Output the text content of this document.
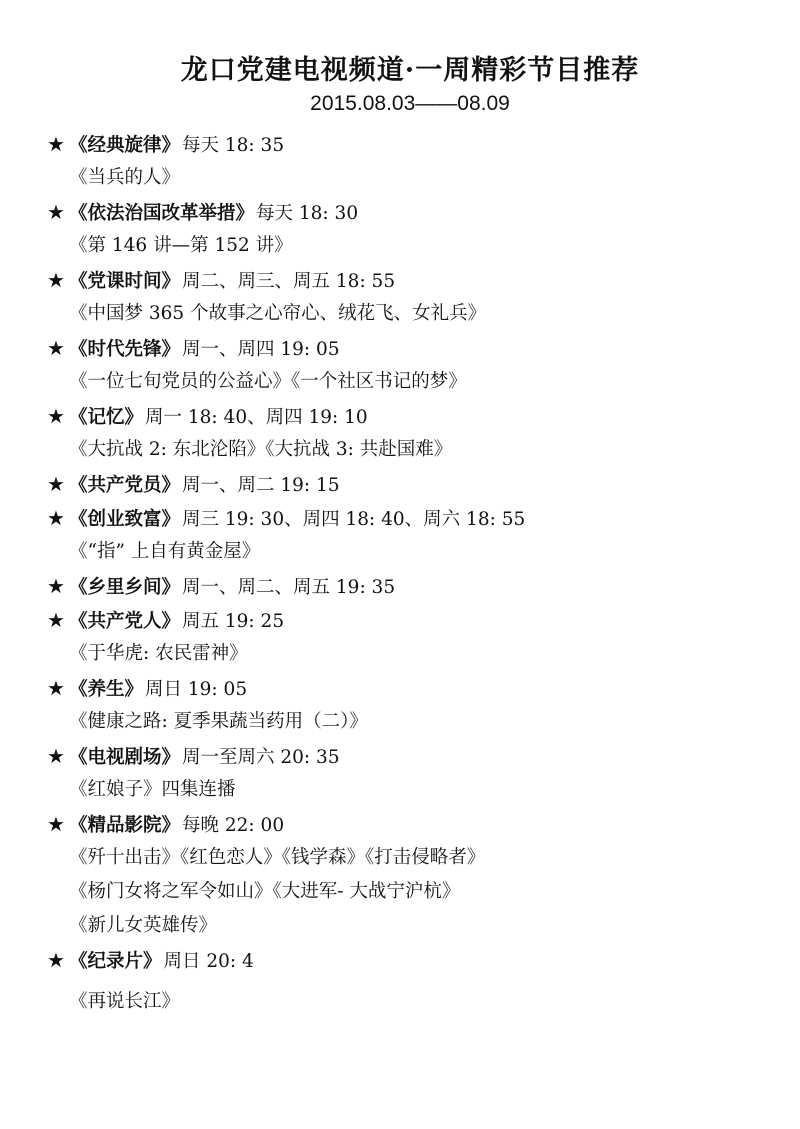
龙口党建电视频道·一周精彩节目推荐
2015.08.03——08.09
★ 《经典旋律》 每天 18: 35
《当兵的人》
★ 《依法治国改革举措》 每天 18: 30
《第 146 讲—第 152 讲》
★ 《党课时间》 周二、周三、周五 18: 55
《中国梦 365 个故事之心帘心、绒花飞、女礼兵》
★ 《时代先锋》 周一、周四 19: 05
《一位七旬党员的公益心》《一个社区书记的梦》
★ 《记忆》 周一 18: 40、周四 19: 10
《大抗战 2: 东北沦陷》《大抗战 3: 共赴国难》
★ 《共产党员》 周一、周二 19: 15
★ 《创业致富》 周三 19: 30、周四 18: 40、周六 18: 55
《“指” 上自有黄金屋》
★ 《乡里乡间》 周一、周二、周五 19: 35
★ 《共产党人》 周五 19: 25
《于华虎: 农民雷神》
★ 《养生》 周日 19: 05
《健康之路: 夏季果蔬当药用（二）》
★ 《电视剧场》 周一至周六 20: 35
《红娘子》四集连播
★ 《精品影院》 每晚 22: 00
《歼十出击》《红色恋人》《钱学森》《打击侵略者》
《杨门女将之军令如山》《大进军- 大战宁沪杭》
《新儿女英雄传》
★ 《纪录片》 周日 20: 4
《再说长江》
